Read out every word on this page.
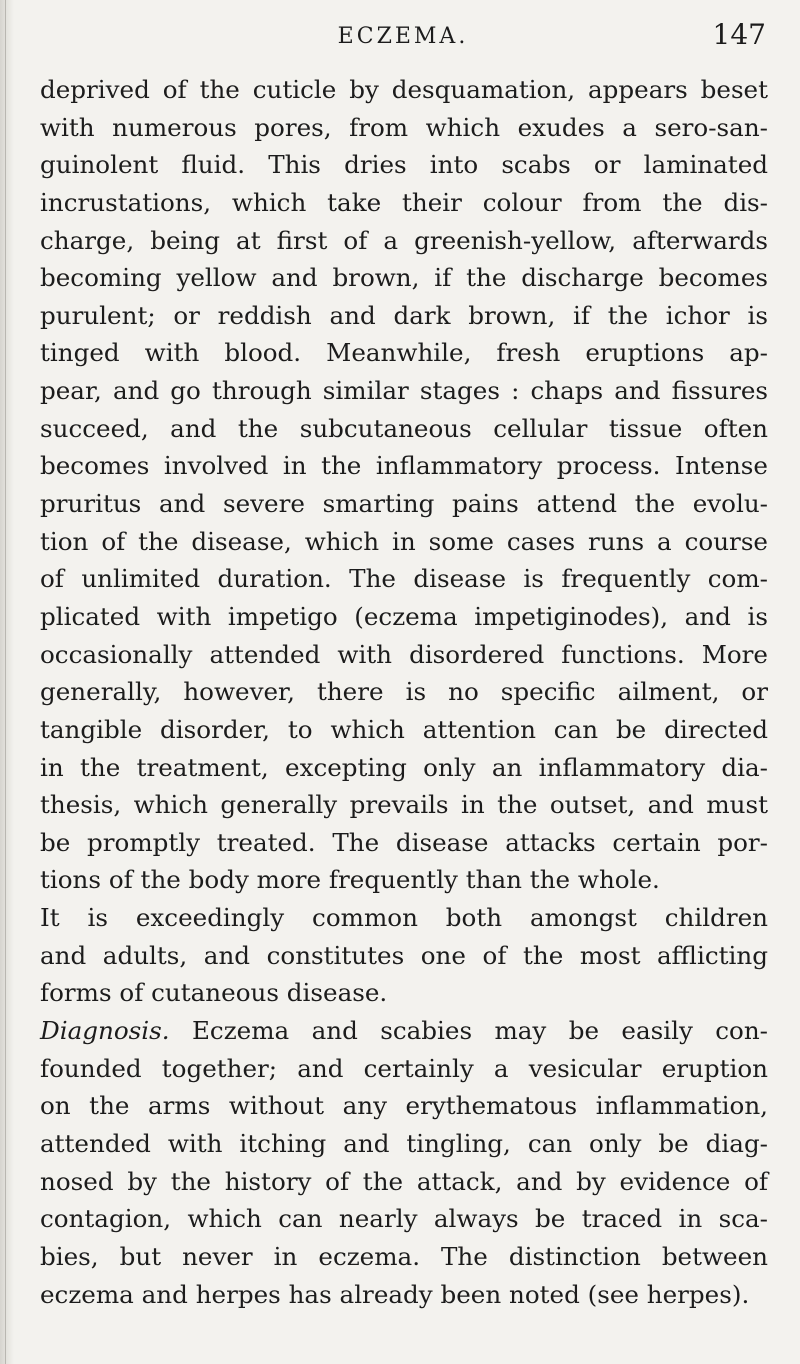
ECZEMA.	147
deprived of the cuticle by desquamation, appears beset
with numerous pores, from which exudes a sero-san-
guinolent fluid. This dries into scabs or laminated
incrustations, which take their colour from the dis-
charge, being at first of a greenish-yellow, afterwards
becoming yellow and brown, if the discharge becomes
purulent; or reddish and dark brown, if the ichor is
tinged with blood. Meanwhile, fresh eruptions ap-
pear, and go through similar stages : chaps and fissures
succeed, and the subcutaneous cellular tissue often
becomes involved in the inflammatory process. Intense
pruritus and severe smarting pains attend the evolu-
tion of the disease, which in some cases runs a course
of unlimited duration. The disease is frequently com-
plicated with impetigo (eczema impetiginodes), and is
occasionally attended with disordered functions. More
generally, however, there is no specific ailment, or
tangible disorder, to which attention can be directed
in the treatment, excepting only an inflammatory dia-
thesis, which generally prevails in the outset, and must
be promptly treated. The disease attacks certain por-
tions of the body more frequently than the whole.
It is exceedingly common both amongst children
and adults, and constitutes one of the most afflicting
forms of cutaneous disease.
Diagnosis. Eczema and scabies may be easily con-
founded together; and certainly a vesicular eruption
on the arms without any erythematous inflammation,
attended with itching and tingling, can only be diag-
nosed by the history of the attack, and by evidence of
contagion, which can nearly always be traced in sca-
bies, but never in eczema. The distinction between
eczema and herpes has already been noted (see herpes).
